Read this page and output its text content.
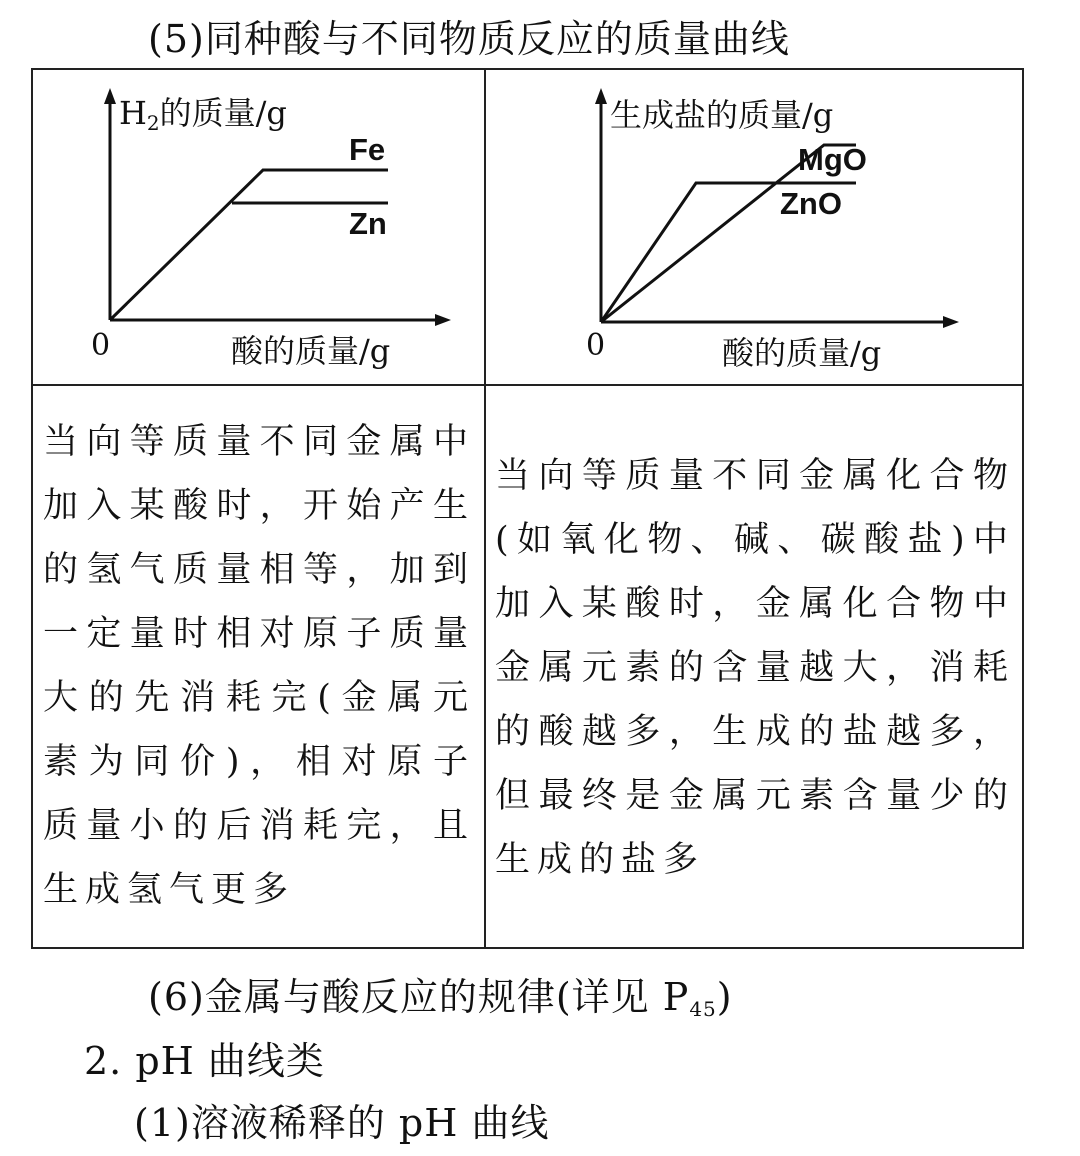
(5)同种酸与不同物质反应的质量曲线
$H_2$的质量/g
Fe
Zn
0	酸的质量/g
生成盐的质量/g
MgO
ZnO
0	酸的质量/g
当向等质量不同金属中加入某酸时，开始产生的氢气质量相等，加到一定量时相对原子质量大的先消耗完(金属元素为同价)，相对原子质量小的后消耗完，且生成氢气更多
当向等质量不同金属化合物(如氧化物、碱、碳酸盐)中加入某酸时，金属化合物中金属元素的含量越大，消耗的酸越多，生成的盐越多，但最终是金属元素含量少的生成的盐多
(6)金属与酸反应的规律(详见 $P_{45}$)
2. pH 曲线类
(1)溶液稀释的 pH 曲线
